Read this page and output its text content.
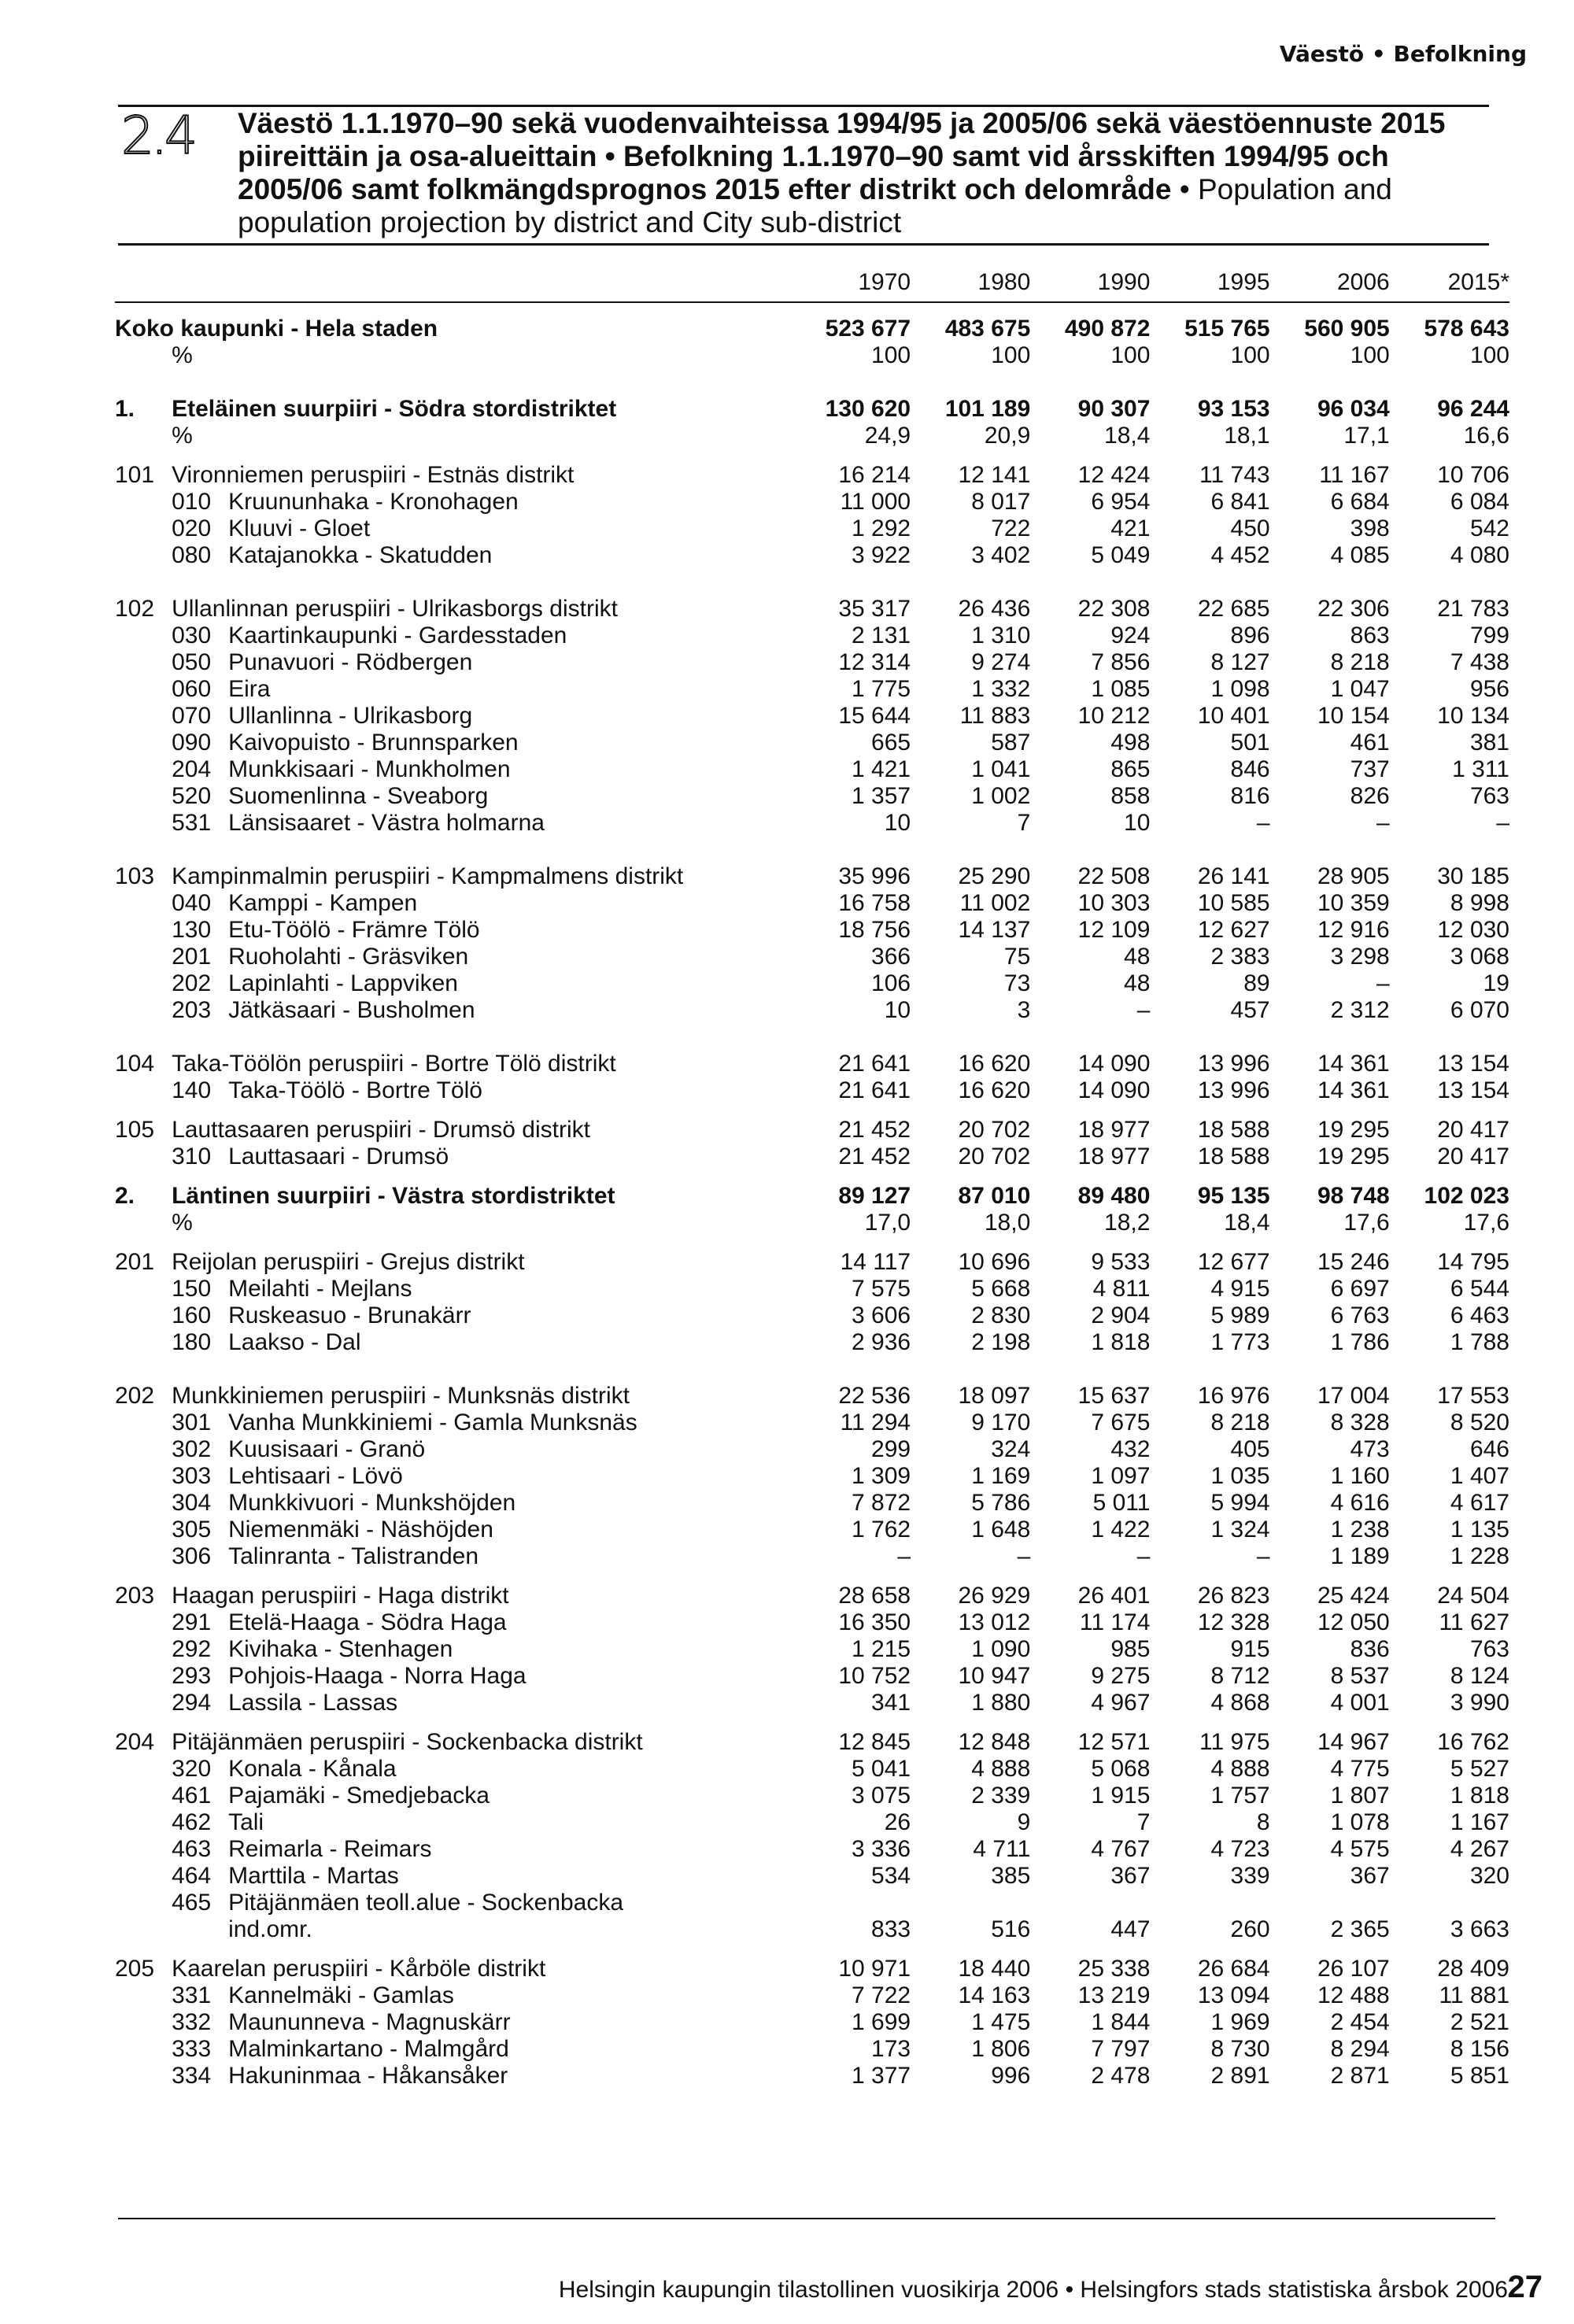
Väestö • Befolkning
2.4	Väestö 1.1.1970–90 sekä vuodenvaihteissa 1994/95 ja 2005/06 sekä väestöennuste 2015 piireittäin ja osa-alueittain • Befolkning 1.1.1970–90 samt vid årsskiften 1994/95 och 2005/06 samt folkmängdsprognos 2015 efter distrikt och delområde • Population and population projection by district and City sub-district
		1970	1980	1990	1995	2006	2015*

Koko kaupunki - Hela staden		523 677	483 675	490 872	515 765	560 905	578 643
	%	100	100	100	100	100	100

1.	Eteläinen suurpiiri - Södra stordistriktet	130 620	101 189	90 307	93 153	96 034	96 244
	%	24,9	20,9	18,4	18,1	17,1	16,6

101	Vironniemen peruspiiri - Estnäs distrikt	16 214	12 141	12 424	11 743	11 167	10 706
	010 Kruununhaka - Kronohagen	11 000	8 017	6 954	6 841	6 684	6 084
	020 Kluuvi - Gloet	1 292	722	421	450	398	542
	080 Katajanokka - Skatudden	3 922	3 402	5 049	4 452	4 085	4 080

102	Ullanlinnan peruspiiri - Ulrikasborgs distrikt	35 317	26 436	22 308	22 685	22 306	21 783
	030 Kaartinkaupunki - Gardesstaden	2 131	1 310	924	896	863	799
	050 Punavuori - Rödbergen	12 314	9 274	7 856	8 127	8 218	7 438
	060 Eira	1 775	1 332	1 085	1 098	1 047	956
	070 Ullanlinna - Ulrikasborg	15 644	11 883	10 212	10 401	10 154	10 134
	090 Kaivopuisto - Brunnsparken	665	587	498	501	461	381
	204 Munkkisaari - Munkholmen	1 421	1 041	865	846	737	1 311
	520 Suomenlinna - Sveaborg	1 357	1 002	858	816	826	763
	531 Länsisaaret - Västra holmarna	10	7	10	–	–	–

103	Kampinmalmin peruspiiri - Kampmalmens distrikt	35 996	25 290	22 508	26 141	28 905	30 185
	040 Kamppi - Kampen	16 758	11 002	10 303	10 585	10 359	8 998
	130 Etu-Töölö - Främre Tölö	18 756	14 137	12 109	12 627	12 916	12 030
	201 Ruoholahti - Gräsviken	366	75	48	2 383	3 298	3 068
	202 Lapinlahti - Lappviken	106	73	48	89	–	19
	203 Jätkäsaari - Busholmen	10	3	–	457	2 312	6 070

104	Taka-Töölön peruspiiri - Bortre Tölö distrikt	21 641	16 620	14 090	13 996	14 361	13 154
	140 Taka-Töölö - Bortre Tölö	21 641	16 620	14 090	13 996	14 361	13 154

105	Lauttasaaren peruspiiri - Drumsö distrikt	21 452	20 702	18 977	18 588	19 295	20 417
	310 Lauttasaari - Drumsö	21 452	20 702	18 977	18 588	19 295	20 417

2.	Läntinen suurpiiri - Västra stordistriktet	89 127	87 010	89 480	95 135	98 748	102 023
	%	17,0	18,0	18,2	18,4	17,6	17,6

201	Reijolan peruspiiri - Grejus distrikt	14 117	10 696	9 533	12 677	15 246	14 795
	150 Meilahti - Mejlans	7 575	5 668	4 811	4 915	6 697	6 544
	160 Ruskeasuo - Brunakärr	3 606	2 830	2 904	5 989	6 763	6 463
	180 Laakso - Dal	2 936	2 198	1 818	1 773	1 786	1 788

202	Munkkiniemen peruspiiri - Munksnäs distrikt	22 536	18 097	15 637	16 976	17 004	17 553
	301 Vanha Munkkiniemi - Gamla Munksnäs	11 294	9 170	7 675	8 218	8 328	8 520
	302 Kuusisaari - Granö	299	324	432	405	473	646
	303 Lehtisaari - Lövö	1 309	1 169	1 097	1 035	1 160	1 407
	304 Munkkivuori - Munkshöjden	7 872	5 786	5 011	5 994	4 616	4 617
	305 Niemenmäki - Näshöjden	1 762	1 648	1 422	1 324	1 238	1 135
	306 Talinranta - Talistranden	–	–	–	–	1 189	1 228

203	Haagan peruspiiri - Haga distrikt	28 658	26 929	26 401	26 823	25 424	24 504
	291 Etelä-Haaga - Södra Haga	16 350	13 012	11 174	12 328	12 050	11 627
	292 Kivihaka - Stenhagen	1 215	1 090	985	915	836	763
	293 Pohjois-Haaga - Norra Haga	10 752	10 947	9 275	8 712	8 537	8 124
	294 Lassila - Lassas	341	1 880	4 967	4 868	4 001	3 990

204	Pitäjänmäen peruspiiri - Sockenbacka distrikt	12 845	12 848	12 571	11 975	14 967	16 762
	320 Konala - Kånala	5 041	4 888	5 068	4 888	4 775	5 527
	461 Pajamäki - Smedjebacka	3 075	2 339	1 915	1 757	1 807	1 818
	462 Tali	26	9	7	8	1 078	1 167
	463 Reimarla - Reimars	3 336	4 711	4 767	4 723	4 575	4 267
	464 Marttila - Martas	534	385	367	339	367	320
	465 Pitäjänmäen teoll.alue - Sockenbacka						
	ind.omr.	833	516	447	260	2 365	3 663

205	Kaarelan peruspiiri - Kårböle distrikt	10 971	18 440	25 338	26 684	26 107	28 409
	331 Kannelmäki - Gamlas	7 722	14 163	13 219	13 094	12 488	11 881
	332 Maununneva - Magnuskärr	1 699	1 475	1 844	1 969	2 454	2 521
	333 Malminkartano - Malmgård	173	1 806	7 797	8 730	8 294	8 156
	334 Hakuninmaa - Håkansåker	1 377	996	2 478	2 891	2 871	5 851
Helsingin kaupungin tilastollinen vuosikirja 2006 • Helsingfors stads statistiska årsbok 2006 27
